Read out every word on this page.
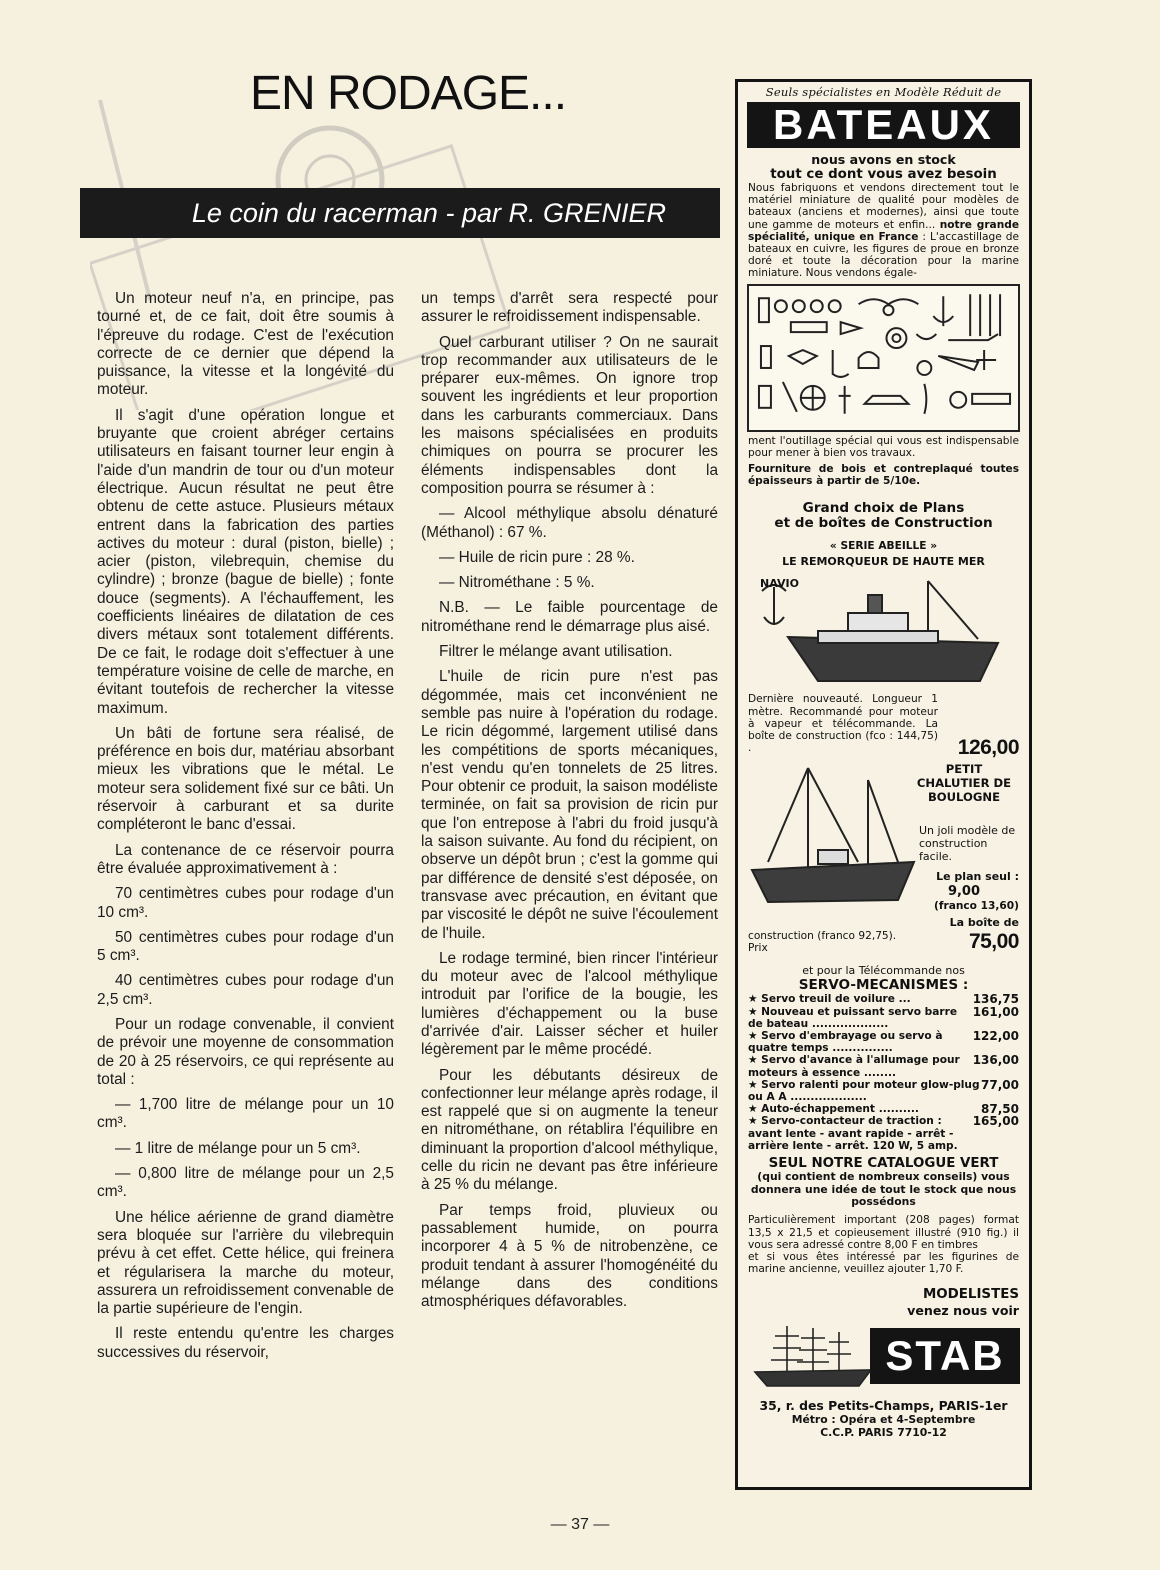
EN RODAGE...
Le coin du racerman - par R. GRENIER

Un moteur neuf n'a, en principe, pas tourné et, de ce fait, doit être soumis à l'épreuve du rodage. C'est de l'exécution correcte de ce dernier que dépend la puissance, la vitesse et la longévité du moteur.

Il s'agit d'une opération longue et bruyante que croient abréger certains utilisateurs en faisant tourner leur engin à l'aide d'un mandrin de tour ou d'un moteur électrique. Aucun résultat ne peut être obtenu de cette astuce. Plusieurs métaux entrent dans la fabrication des parties actives du moteur : dural (piston, bielle) ; acier (piston, vilebrequin, chemise du cylindre) ; bronze (bague de bielle) ; fonte douce (segments). A l'échauffement, les coefficients linéaires de dilatation de ces divers métaux sont totalement différents. De ce fait, le rodage doit s'effectuer à une température voisine de celle de marche, en évitant toutefois de rechercher la vitesse maximum.

Un bâti de fortune sera réalisé, de préférence en bois dur, matériau absorbant mieux les vibrations que le métal. Le moteur sera solidement fixé sur ce bâti. Un réservoir à carburant et sa durite compléteront le banc d'essai.

La contenance de ce réservoir pourra être évaluée approximativement à :

70 centimètres cubes pour rodage d'un 10 cm³.

50 centimètres cubes pour rodage d'un 5 cm³.

40 centimètres cubes pour rodage d'un 2,5 cm³.

Pour un rodage convenable, il convient de prévoir une moyenne de consommation de 20 à 25 réservoirs, ce qui représente au total :

— 1,700 litre de mélange pour un 10 cm³.

— 1 litre de mélange pour un 5 cm³.

— 0,800 litre de mélange pour un 2,5 cm³.

Une hélice aérienne de grand diamètre sera bloquée sur l'arrière du vilebrequin prévu à cet effet. Cette hélice, qui freinera et régularisera la marche du moteur, assurera un refroidissement convenable de la partie supérieure de l'engin.

Il reste entendu qu'entre les charges successives du réservoir,

un temps d'arrêt sera respecté pour assurer le refroidissement indispensable.

Quel carburant utiliser ? On ne saurait trop recommander aux utilisateurs de le préparer eux-mêmes. On ignore trop souvent les ingrédients et leur proportion dans les carburants commerciaux. Dans les maisons spécialisées en produits chimiques on pourra se procurer les éléments indispensables dont la composition pourra se résumer à :

— Alcool méthylique absolu dénaturé (Méthanol) : 67 %.

— Huile de ricin pure : 28 %.

— Nitrométhane : 5 %.

N.B. — Le faible pourcentage de nitrométhane rend le démarrage plus aisé.

Filtrer le mélange avant utilisation.

L'huile de ricin pure n'est pas dégommée, mais cet inconvénient ne semble pas nuire à l'opération du rodage. Le ricin dégommé, largement utilisé dans les compétitions de sports mécaniques, n'est vendu qu'en tonnelets de 25 litres. Pour obtenir ce produit, la saison modéliste terminée, on fait sa provision de ricin pur que l'on entrepose à l'abri du froid jusqu'à la saison suivante. Au fond du récipient, on observe un dépôt brun ; c'est la gomme qui par différence de densité s'est déposée, on transvase avec précaution, en évitant que par viscosité le dépôt ne suive l'écoulement de l'huile.

Le rodage terminé, bien rincer l'intérieur du moteur avec de l'alcool méthylique introduit par l'orifice de la bougie, les lumières d'échappement ou la buse d'arrivée d'air. Laisser sécher et huiler légèrement par le même procédé.

Pour les débutants désireux de confectionner leur mélange après rodage, il est rappelé que si on augmente la teneur en nitrométhane, on rétablira l'équilibre en diminuant la proportion d'alcool méthylique, celle du ricin ne devant pas être inférieure à 25 % du mélange.

Par temps froid, pluvieux ou passablement humide, on pourra incorporer 4 à 5 % de nitrobenzène, ce produit tendant à assurer l'homogénéité du mélange dans des conditions atmosphériques défavorables.

— 37 —
Seuls spécialistes en Modèle Réduit de
BATEAUX
nous avons en stock
tout ce dont vous avez besoin
Nous fabriquons et vendons directement tout le matériel miniature de qualité pour modèles de bateaux (anciens et modernes), ainsi que toute une gamme de moteurs et enfin... notre grande spécialité, unique en France : L'accastillage de bateaux en cuivre, les figures de proue en bronze doré et toute la décoration pour la marine miniature. Nous vendons égale-
ment l'outillage spécial qui vous est indispensable pour mener à bien vos travaux.
Fourniture de bois et contreplaqué toutes épaisseurs à partir de 5/10e.
Grand choix de Plans
et de boîtes de Construction
« SERIE ABEILLE »
LE REMORQUEUR DE HAUTE MER
NAVIO
Dernière nouveauté. Longueur 1 mètre. Recommandé pour moteur à vapeur et télécommande. La boîte de construction (fco : 144,75) .	126,00
PETIT CHALUTIER DE BOULOGNE
Un joli modèle de construction facile.
Le plan seul :
9,00
(franco 13,60)
La boîte de
construction (franco 92,75). Prix	75,00
et pour la Télécommande nos
SERVO-MECANISMES :
★ Servo treuil de voilure ...	136,75
★ Nouveau et puissant servo barre de bateau ...................
161,00
★ Servo d'embrayage ou servo à quatre temps ...............
122,00
★ Servo d'avance à l'allumage pour moteurs à essence ........
136,00
★ Servo ralenti pour moteur glow-plug ou A A ...................
77,00
★ Auto-échappement ..........	87,50
★ Servo-contacteur de traction : avant lente - avant rapide - arrêt - arrière lente - arrêt. 120 W, 5 amp.
165,00
SEUL NOTRE CATALOGUE VERT
(qui contient de nombreux conseils) vous donnera une idée de tout le stock que nous possédons
Particulièrement important (208 pages) format 13,5 x 21,5 et copieusement illustré (910 fig.) il vous sera adressé contre 8,00 F en timbres
et si vous êtes intéressé par les figurines de marine ancienne, veuillez ajouter 1,70 F.
MODELISTES
venez nous voir
STAB
35, r. des Petits-Champs, PARIS-1er
Métro : Opéra et 4-Septembre
C.C.P. PARIS 7710-12
